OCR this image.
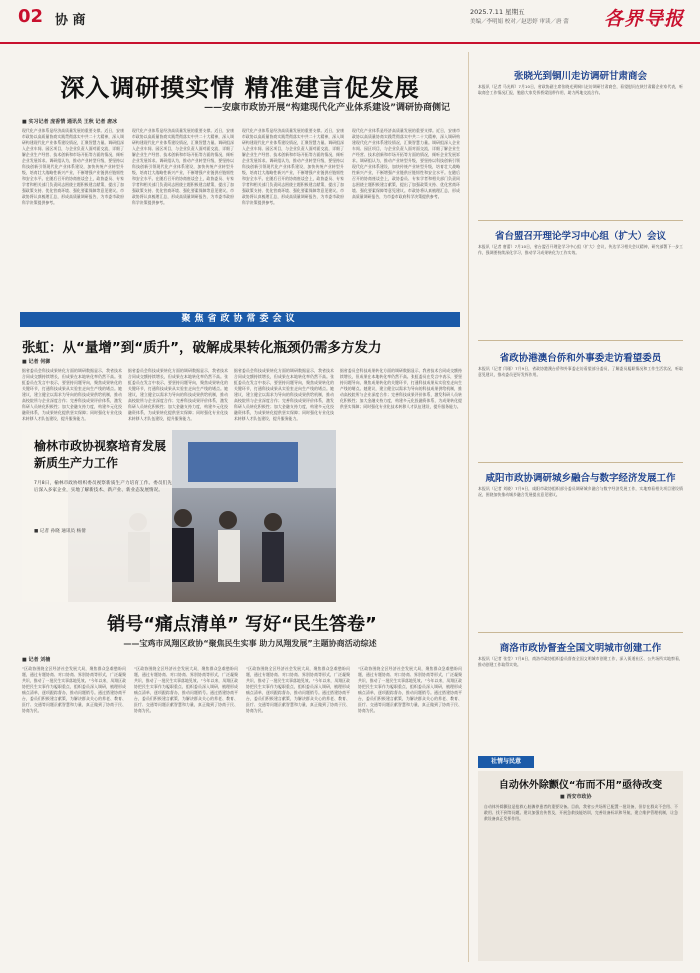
02 协 商
2025.7.11 星期五
美编／李明娟 校对／赵思婷 审读／唐 蕾 各界导报
深入调研摸实情 精准建言促发展
——安康市政协开展“构建现代化产业体系建设”调研协商侧记
■ 实习记者 庞香情 通讯员 王秋 记者 唐冰
现代化产业体系是经济高质量发展的重要支撑。近日，安康市政协以高质量协商实践贯彻落实中共二十大精神，深入调研构建现代化产业体系建设情况，汇聚智慧力量。调研组深入企业车间、园区项目，与企业负责人面对面交流，详细了解企业生产经营、技术创新和市场开拓等方面的情况，倾听企业发展诉求。调研组认为，推动产业转型升级，要坚持以科技创新引领现代化产业体系建设，加快传统产业转型升级，培育壮大战略性新兴产业，不断增强产业链供应链韧性和安全水平。在随后召开的协商座谈会上，政协委员、专家学者和相关部门负责同志围绕主题积极建言献策，提出了加强政策支持、优化营商环境、强化要素保障等意见建议。市政协将认真梳理汇总，形成高质量调研报告，为市委市政府科学决策提供参考。
现代化产业体系是经济高质量发展的重要支撑。近日，安康市政协以高质量协商实践贯彻落实中共二十大精神，深入调研构建现代化产业体系建设情况，汇聚智慧力量。调研组深入企业车间、园区项目，与企业负责人面对面交流，详细了解企业生产经营、技术创新和市场开拓等方面的情况，倾听企业发展诉求。调研组认为，推动产业转型升级，要坚持以科技创新引领现代化产业体系建设，加快传统产业转型升级，培育壮大战略性新兴产业，不断增强产业链供应链韧性和安全水平。在随后召开的协商座谈会上，政协委员、专家学者和相关部门负责同志围绕主题积极建言献策，提出了加强政策支持、优化营商环境、强化要素保障等意见建议。市政协将认真梳理汇总，形成高质量调研报告，为市委市政府科学决策提供参考。
现代化产业体系是经济高质量发展的重要支撑。近日，安康市政协以高质量协商实践贯彻落实中共二十大精神，深入调研构建现代化产业体系建设情况，汇聚智慧力量。调研组深入企业车间、园区项目，与企业负责人面对面交流，详细了解企业生产经营、技术创新和市场开拓等方面的情况，倾听企业发展诉求。调研组认为，推动产业转型升级，要坚持以科技创新引领现代化产业体系建设，加快传统产业转型升级，培育壮大战略性新兴产业，不断增强产业链供应链韧性和安全水平。在随后召开的协商座谈会上，政协委员、专家学者和相关部门负责同志围绕主题积极建言献策，提出了加强政策支持、优化营商环境、强化要素保障等意见建议。市政协将认真梳理汇总，形成高质量调研报告，为市委市政府科学决策提供参考。
现代化产业体系是经济高质量发展的重要支撑。近日，安康市政协以高质量协商实践贯彻落实中共二十大精神，深入调研构建现代化产业体系建设情况，汇聚智慧力量。调研组深入企业车间、园区项目，与企业负责人面对面交流，详细了解企业生产经营、技术创新和市场开拓等方面的情况，倾听企业发展诉求。调研组认为，推动产业转型升级，要坚持以科技创新引领现代化产业体系建设，加快传统产业转型升级，培育壮大战略性新兴产业，不断增强产业链供应链韧性和安全水平。在随后召开的协商座谈会上，政协委员、专家学者和相关部门负责同志围绕主题积极建言献策，提出了加强政策支持、优化营商环境、强化要素保障等意见建议。市政协将认真梳理汇总，形成高质量调研报告，为市委市政府科学决策提供参考。
聚焦省政协常委会议
张虹：从“量增”到“质升”，破解成果转化瓶颈仍需多方发力
■ 记者 何御
据省委员会科技成果转化方面的调研数据显示，我省技术合同成交额持续增长，但成果在本地转化率仍然不高。张虹委员在发言中表示，要坚持问题导向，聚焦成果转化的关键环节，打通科技成果从实验室走向生产线的堵点。她建议，建立健全以需求为导向的科技成果供给机制，推动高校院所与企业深度合作；完善科技成果评价体系，激发科研人员转化积极性；加大金融支持力度，构建多元化投融资体系，为成果转化提供坚实保障；同时强化专业化技术转移人才队伍建设，提升服务能力。
据省委员会科技成果转化方面的调研数据显示，我省技术合同成交额持续增长，但成果在本地转化率仍然不高。张虹委员在发言中表示，要坚持问题导向，聚焦成果转化的关键环节，打通科技成果从实验室走向生产线的堵点。她建议，建立健全以需求为导向的科技成果供给机制，推动高校院所与企业深度合作；完善科技成果评价体系，激发科研人员转化积极性；加大金融支持力度，构建多元化投融资体系，为成果转化提供坚实保障；同时强化专业化技术转移人才队伍建设，提升服务能力。
据省委员会科技成果转化方面的调研数据显示，我省技术合同成交额持续增长，但成果在本地转化率仍然不高。张虹委员在发言中表示，要坚持问题导向，聚焦成果转化的关键环节，打通科技成果从实验室走向生产线的堵点。她建议，建立健全以需求为导向的科技成果供给机制，推动高校院所与企业深度合作；完善科技成果评价体系，激发科研人员转化积极性；加大金融支持力度，构建多元化投融资体系，为成果转化提供坚实保障；同时强化专业化技术转移人才队伍建设，提升服务能力。
据省委员会科技成果转化方面的调研数据显示，我省技术合同成交额持续增长，但成果在本地转化率仍然不高。张虹委员在发言中表示，要坚持问题导向，聚焦成果转化的关键环节，打通科技成果从实验室走向生产线的堵点。她建议，建立健全以需求为导向的科技成果供给机制，推动高校院所与企业深度合作；完善科技成果评价体系，激发科研人员转化积极性；加大金融支持力度，构建多元化投融资体系，为成果转化提供坚实保障；同时强化专业化技术转移人才队伍建设，提升服务能力。
榆林市政协视察培育发展新质生产力工作
7月8日，榆林市政协组织委员视察新质生产力培育工作。委员们先后深入多家企业，实地了解新技术、新产业、新业态发展情况。
■ 记者 孙晓 通讯员 杨倩
销号“痛点清单” 写好“民生答卷”
——宝鸡市凤翔区政协“聚焦民生实事 助力凤翔发展”主题协商活动综述
■ 记者 刘楠
“区政协围绕全区经济社会发展大局，聚焦群众急难愁盼问题，通过专题协商、对口协商、界别协商等形式，广泛凝聚共识，推动了一批民生实事落地见效。”今年以来，凤翔区政协把民生实事作为履职重点，组织委员深入调研，梳理形成痛点清单，逐项跟踪督办，推动问题销号。通过搭建协商平台，委员们积极建言献策，为解决群众关心的养老、教育、医疗、交通等问题贡献智慧和力量，真正做到了协商于民、协商为民。
“区政协围绕全区经济社会发展大局，聚焦群众急难愁盼问题，通过专题协商、对口协商、界别协商等形式，广泛凝聚共识，推动了一批民生实事落地见效。”今年以来，凤翔区政协把民生实事作为履职重点，组织委员深入调研，梳理形成痛点清单，逐项跟踪督办，推动问题销号。通过搭建协商平台，委员们积极建言献策，为解决群众关心的养老、教育、医疗、交通等问题贡献智慧和力量，真正做到了协商于民、协商为民。
“区政协围绕全区经济社会发展大局，聚焦群众急难愁盼问题，通过专题协商、对口协商、界别协商等形式，广泛凝聚共识，推动了一批民生实事落地见效。”今年以来，凤翔区政协把民生实事作为履职重点，组织委员深入调研，梳理形成痛点清单，逐项跟踪督办，推动问题销号。通过搭建协商平台，委员们积极建言献策，为解决群众关心的养老、教育、医疗、交通等问题贡献智慧和力量，真正做到了协商于民、协商为民。
“区政协围绕全区经济社会发展大局，聚焦群众急难愁盼问题，通过专题协商、对口协商、界别协商等形式，广泛凝聚共识，推动了一批民生实事落地见效。”今年以来，凤翔区政协把民生实事作为履职重点，组织委员深入调研，梳理形成痛点清单，逐项跟踪督办，推动问题销号。通过搭建协商平台，委员们积极建言献策，为解决群众关心的养老、教育、医疗、交通等问题贡献智慧和力量，真正做到了协商于民、协商为民。
张晓光到铜川走访调研甘肃商会
本报讯（记者 马光辉）7月10日，省政协副主席张晓光到铜川走访调研甘肃商会，看望慰问在陕甘肃籍企业家代表，听取商会工作情况汇报，勉励大家发挥桥梁纽带作用，助力两地交流合作。
省台盟召开理论学习中心组（扩大）会议
本报讯（记者 唐蕾）7月10日，省台盟召开理论学习中心组（扩大）会议，传达学习相关会议精神，研究部署下一步工作，强调要持续深化学习，推动学习成果转化为工作实效。
省政协港澳台侨和外事委走访看望委员
本报讯（记者 闫瑾）7月9日，省政协港澳台侨和外事委走访看望部分委员，了解委员履职情况和工作生活状况，听取意见建议，推动委员更好发挥作用。
咸阳市政协调研城乡融合与数字经济发展工作
本报讯（记者 刘晓）7月9日，咸阳市政协组织部分委员调研城乡融合与数字经济发展工作，实地察看相关项目建设情况，围绕加快推动城乡融合发展提出意见建议。
商洛市政协督查全国文明城市创建工作
本报讯（记者 张莹）7月8日，商洛市政协组织委员督查全国文明城市创建工作，深入街道社区、公共场所实地察看，推动创建工作取得实效。
社情与民意
自动休外除颤仪“布而不用”亟待改变
■ 西安市政协
自动体外除颤仪是抢救心脏骤停患者的重要设备。目前，我省公共场所已配置一批设备，但存在群众不会用、不敢用、找不到等问题。建议加强宣传普及，开展急救技能培训，完善设备标识和导航，建立维护管理机制，让急救设备真正发挥作用。
